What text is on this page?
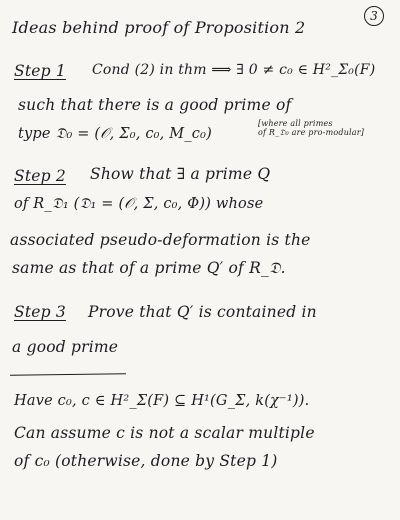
3
Ideas behind proof of Proposition 2
Step 1 Cond (2) in thm ⟹ ∃ 0 ≠ c₀ ∈ H²_Σ₀(F)
such that there is a good prime of
type 𝔇₀ = (𝒪, Σ₀, c₀, M_c₀)
[where all primes
of R_𝔇₀ are pro-modular]
Step 2 Show that ∃ a prime Q
of R_𝔇₁ (𝔇₁ = (𝒪, Σ, c₀, Φ)) whose
associated pseudo-deformation is the
same as that of a prime Q′ of R_𝔇.
Step 3 Prove that Q′ is contained in
a good prime
Have c₀, c ∈ H²_Σ(F) ⊆ H¹(G_Σ, k(χ⁻¹)).
Can assume c is not a scalar multiple
of c₀ (otherwise, done by Step 1)
